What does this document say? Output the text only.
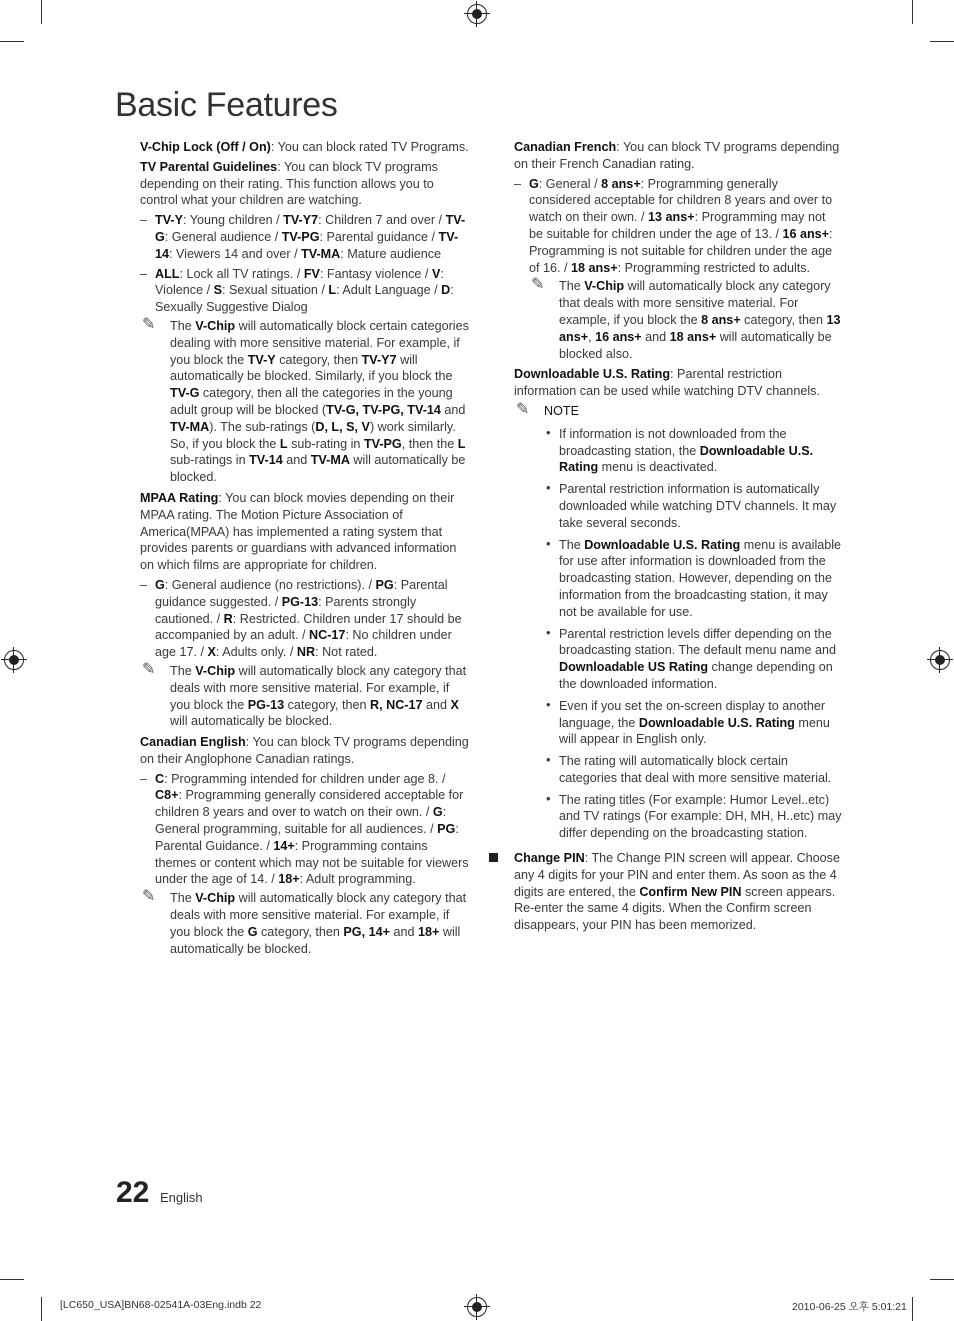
Basic Features

V-Chip Lock (Off / On): You can block rated TV Programs.

TV Parental Guidelines: You can block TV programs depending on their rating. This function allows you to control what your children are watching.

– TV-Y: Young children / TV-Y7: Children 7 and over / TV-G: General audience / TV-PG: Parental guidance / TV-14: Viewers 14 and over / TV-MA: Mature audience
– ALL: Lock all TV ratings. / FV: Fantasy violence / V: Violence / S: Sexual situation / L: Adult Language / D: Sexually Suggestive Dialog
✎ The V-Chip will automatically block certain categories dealing with more sensitive material. For example, if you block the TV-Y category, then TV-Y7 will automatically be blocked. Similarly, if you block the TV-G category, then all the categories in the young adult group will be blocked (TV-G, TV-PG, TV-14 and TV-MA). The sub-ratings (D, L, S, V) work similarly. So, if you block the L sub-rating in TV-PG, then the L sub-ratings in TV-14 and TV-MA will automatically be blocked.

MPAA Rating: You can block movies depending on their MPAA rating. The Motion Picture Association of America(MPAA) has implemented a rating system that provides parents or guardians with advanced information on which films are appropriate for children.

– G: General audience (no restrictions). / PG: Parental guidance suggested. / PG-13: Parents strongly cautioned. / R: Restricted. Children under 17 should be accompanied by an adult. / NC-17: No children under age 17. / X: Adults only. / NR: Not rated.
✎ The V-Chip will automatically block any category that deals with more sensitive material. For example, if you block the PG-13 category, then R, NC-17 and X will automatically be blocked.

Canadian English: You can block TV programs depending on their Anglophone Canadian ratings.

– C: Programming intended for children under age 8. / C8+: Programming generally considered acceptable for children 8 years and over to watch on their own. / G: General programming, suitable for all audiences. / PG: Parental Guidance. / 14+: Programming contains themes or content which may not be suitable for viewers under the age of 14. / 18+: Adult programming.
✎ The V-Chip will automatically block any category that deals with more sensitive material. For example, if you block the G category, then PG, 14+ and 18+ will automatically be blocked.

Canadian French: You can block TV programs depending on their French Canadian rating.

– G: General / 8 ans+: Programming generally considered acceptable for children 8 years and over to watch on their own. / 13 ans+: Programming may not be suitable for children under the age of 13. / 16 ans+: Programming is not suitable for children under the age of 16. / 18 ans+: Programming restricted to adults.
✎ The V-Chip will automatically block any category that deals with more sensitive material. For example, if you block the 8 ans+ category, then 13 ans+, 16 ans+ and 18 ans+ will automatically be blocked also.

Downloadable U.S. Rating: Parental restriction information can be used while watching DTV channels.

✎ NOTE
• If information is not downloaded from the broadcasting station, the Downloadable U.S. Rating menu is deactivated.
• Parental restriction information is automatically downloaded while watching DTV channels. It may take several seconds.
• The Downloadable U.S. Rating menu is available for use after information is downloaded from the broadcasting station. However, depending on the information from the broadcasting station, it may not be available for use.
• Parental restriction levels differ depending on the broadcasting station. The default menu name and Downloadable US Rating change depending on the downloaded information.
• Even if you set the on-screen display to another language, the Downloadable U.S. Rating menu will appear in English only.
• The rating will automatically block certain categories that deal with more sensitive material.
• The rating titles (For example: Humor Level..etc) and TV ratings (For example: DH, MH, H..etc) may differ depending on the broadcasting station.

Change PIN: The Change PIN screen will appear. Choose any 4 digits for your PIN and enter them. As soon as the 4 digits are entered, the Confirm New PIN screen appears. Re-enter the same 4 digits. When the Confirm screen disappears, your PIN has been memorized.

22 English
[LC650_USA]BN68-02541A-03Eng.indb 22	2010-06-25 오후 5:01:21
